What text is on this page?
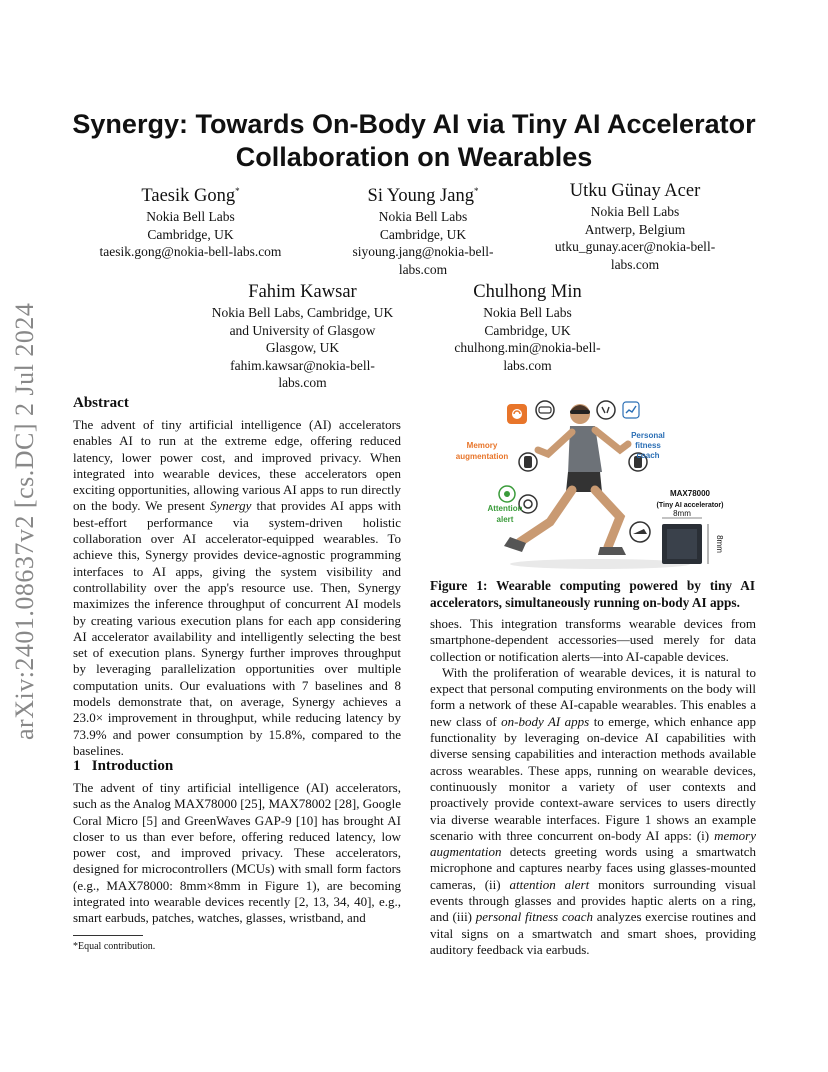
arXiv:2401.08637v2 [cs.DC] 2 Jul 2024
Synergy: Towards On-Body AI via Tiny AI Accelerator
Collaboration on Wearables
Taesik Gong*
Nokia Bell Labs
Cambridge, UK
taesik.gong@nokia-bell-labs.com
Si Young Jang*
Nokia Bell Labs
Cambridge, UK
siyoung.jang@nokia-bell-
labs.com
Utku Günay Acer
Nokia Bell Labs
Antwerp, Belgium
utku_gunay.acer@nokia-bell-
labs.com
Fahim Kawsar
Nokia Bell Labs, Cambridge, UK
and University of Glasgow
Glasgow, UK
fahim.kawsar@nokia-bell-
labs.com
Chulhong Min
Nokia Bell Labs
Cambridge, UK
chulhong.min@nokia-bell-
labs.com
Abstract
The advent of tiny artificial intelligence (AI) accelerators enables AI to run at the extreme edge, offering reduced latency, lower power cost, and improved privacy. When integrated into wearable devices, these accelerators open exciting opportunities, allowing various AI apps to run directly on the body. We present Synergy that provides AI apps with best-effort performance via system-driven holistic collaboration over AI accelerator-equipped wearables. To achieve this, Synergy provides device-agnostic programming interfaces to AI apps, giving the system visibility and controllability over the app's resource use. Then, Synergy maximizes the inference throughput of concurrent AI models by creating various execution plans for each app considering AI accelerator availability and intelligently selecting the best set of execution plans. Synergy further improves throughput by leveraging parallelization opportunities over multiple computation units. Our evaluations with 7 baselines and 8 models demonstrate that, on average, Synergy achieves a 23.0× improvement in throughput, while reducing latency by 73.9% and power consumption by 15.8%, compared to the baselines.
1   Introduction
The advent of tiny artificial intelligence (AI) accelerators, such as the Analog MAX78000 [25], MAX78002 [28], Google Coral Micro [5] and GreenWaves GAP-9 [10] has brought AI closer to us than ever before, offering reduced latency, low power cost, and improved privacy. These accelerators, designed for microcontrollers (MCUs) with small form factors (e.g., MAX78000: 8mm×8mm in Figure 1), are becoming integrated into wearable devices recently [2, 13, 34, 40], e.g., smart earbuds, patches, watches, glasses, wristband, and
*Equal contribution.
Memory
augmentation
Attention
alert
Personal
fitness
coach
MAX78000
(Tiny AI accelerator)
8mm
8mm
Figure 1: Wearable computing powered by tiny AI accelerators, simultaneously running on-body AI apps.

shoes. This integration transforms wearable devices from smartphone-dependent accessories—used merely for data collection or notification alerts—into AI-capable devices.

With the proliferation of wearable devices, it is natural to expect that personal computing environments on the body will form a network of these AI-capable wearables. This enables a new class of on-body AI apps to emerge, which enhance app functionality by leveraging on-device AI capabilities with diverse sensing capabilities and interaction methods available across wearables. These apps, running on wearable devices, continuously monitor a variety of user contexts and proactively provide context-aware services to users directly via diverse wearable interfaces. Figure 1 shows an example scenario with three concurrent on-body AI apps: (i) memory augmentation detects greeting words using a smartwatch microphone and captures nearby faces using glasses-mounted cameras, (ii) attention alert monitors surrounding visual events through glasses and provides haptic alerts on a ring, and (iii) personal fitness coach analyzes exercise routines and vital signs on a smartwatch and smart shoes, providing auditory feedback via earbuds.
